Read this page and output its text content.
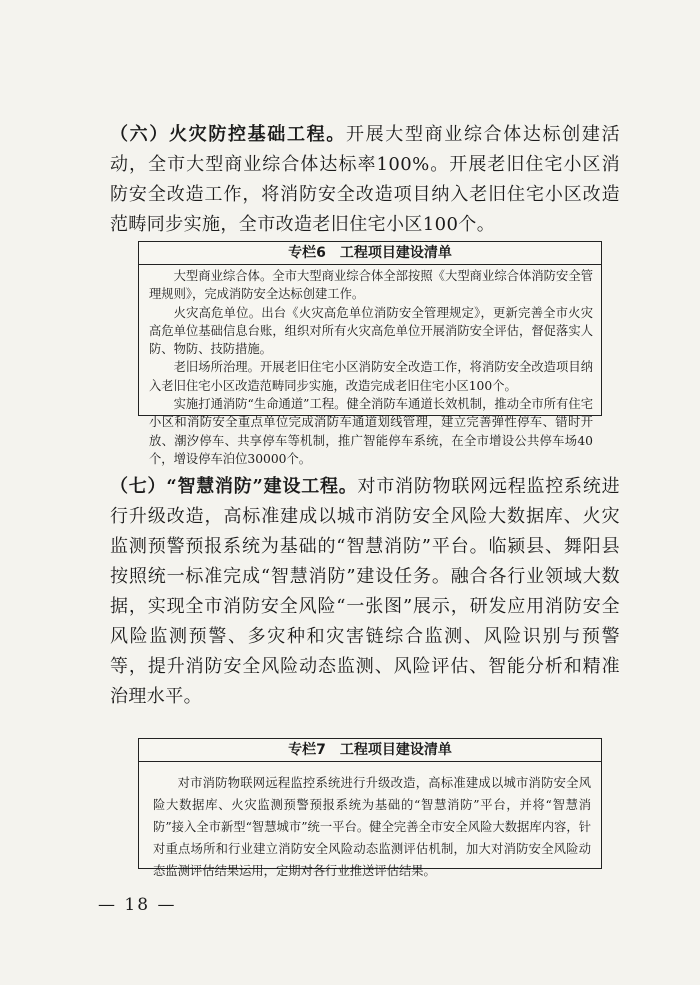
（六）火灾防控基础工程。开展大型商业综合体达标创建活动，全市大型商业综合体达标率100%。开展老旧住宅小区消防安全改造工作，将消防安全改造项目纳入老旧住宅小区改造范畴同步实施，全市改造老旧住宅小区100个。

专栏6　工程项目建设清单

大型商业综合体。全市大型商业综合体全部按照《大型商业综合体消防安全管理规则》，完成消防安全达标创建工作。

火灾高危单位。出台《火灾高危单位消防安全管理规定》，更新完善全市火灾高危单位基础信息台账，组织对所有火灾高危单位开展消防安全评估，督促落实人防、物防、技防措施。

老旧场所治理。开展老旧住宅小区消防安全改造工作，将消防安全改造项目纳入老旧住宅小区改造范畴同步实施，改造完成老旧住宅小区100个。

实施打通消防“生命通道”工程。健全消防车通道长效机制，推动全市所有住宅小区和消防安全重点单位完成消防车通道划线管理，建立完善弹性停车、错时开放、潮汐停车、共享停车等机制，推广智能停车系统，在全市增设公共停车场40个，增设停车泊位30000个。

（七）“智慧消防”建设工程。对市消防物联网远程监控系统进行升级改造，高标准建成以城市消防安全风险大数据库、火灾监测预警预报系统为基础的“智慧消防”平台。临颍县、舞阳县按照统一标准完成“智慧消防”建设任务。融合各行业领域大数据，实现全市消防安全风险“一张图”展示，研发应用消防安全风险监测预警、多灾种和灾害链综合监测、风险识别与预警等，提升消防安全风险动态监测、风险评估、智能分析和精准治理水平。

专栏7　工程项目建设清单

对市消防物联网远程监控系统进行升级改造，高标准建成以城市消防安全风险大数据库、火灾监测预警预报系统为基础的“智慧消防”平台，并将“智慧消防”接入全市新型“智慧城市”统一平台。健全完善全市安全风险大数据库内容，针对重点场所和行业建立消防安全风险动态监测评估机制，加大对消防安全风险动态监测评估结果运用，定期对各行业推送评估结果。

— 18 —
